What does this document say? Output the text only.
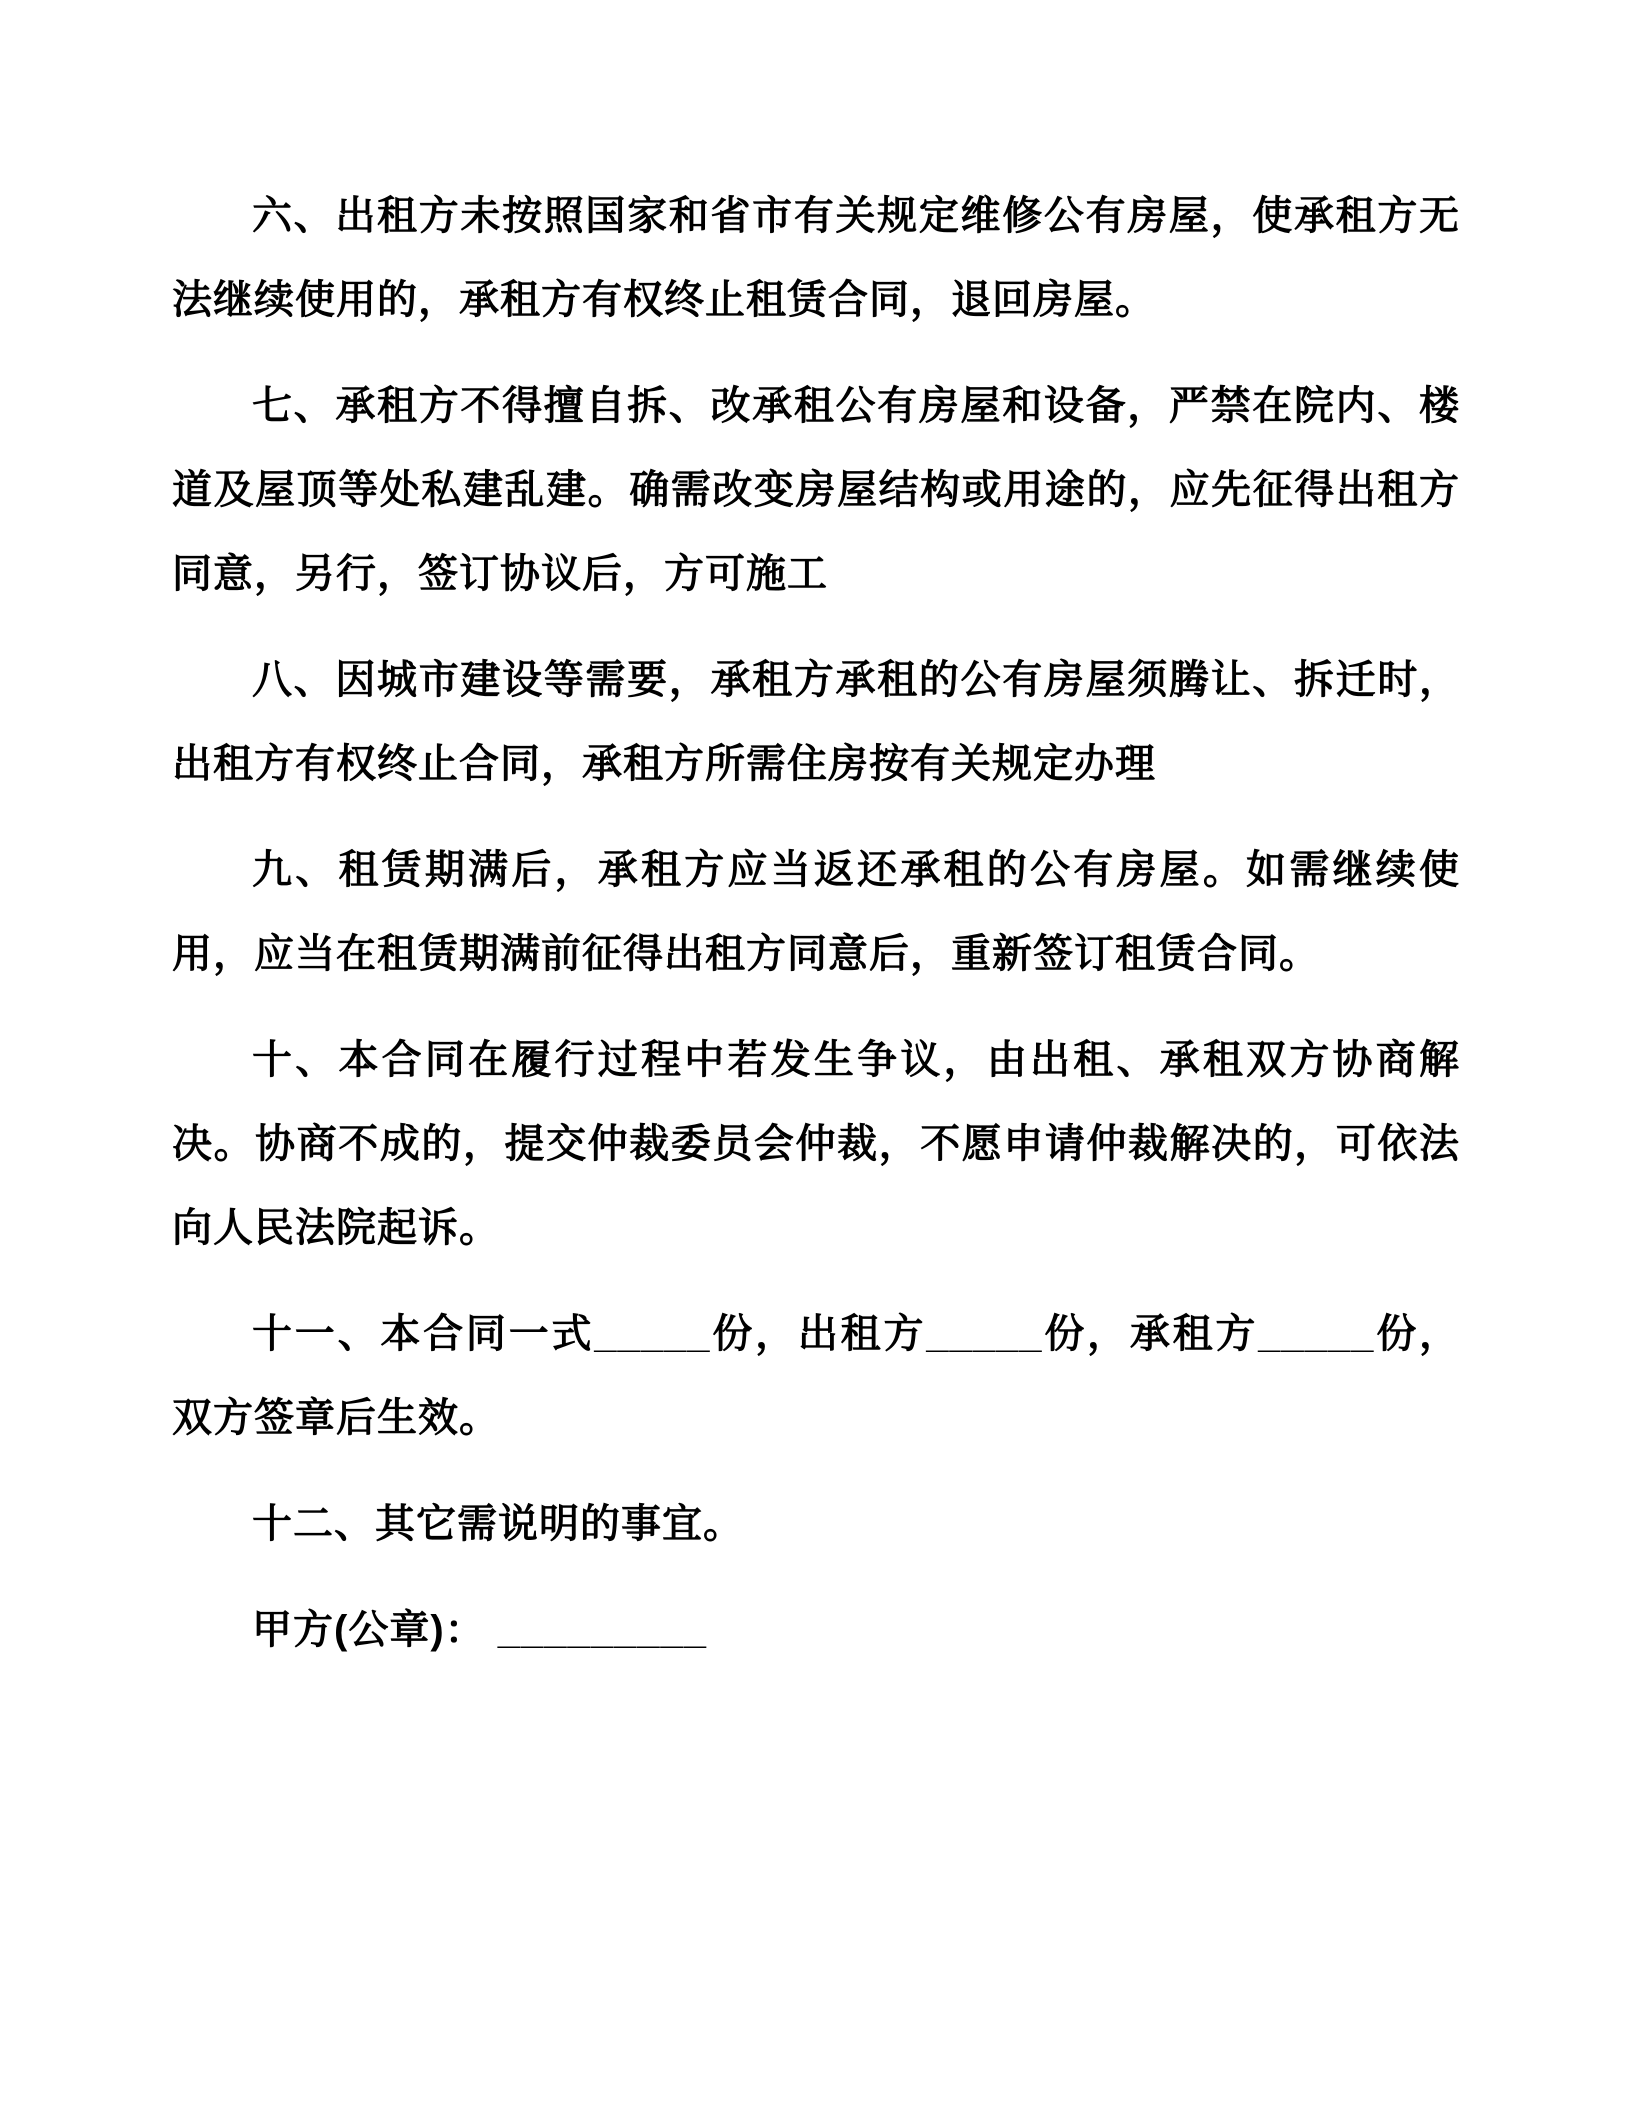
六、出租方未按照国家和省市有关规定维修公有房屋，使承租方无法继续使用的，承租方有权终止租赁合同，退回房屋。

七、承租方不得擅自拆、改承租公有房屋和设备，严禁在院内、楼道及屋顶等处私建乱建。确需改变房屋结构或用途的，应先征得出租方同意，另行，签订协议后，方可施工

八、因城市建设等需要，承租方承租的公有房屋须腾让、拆迁时，出租方有权终止合同，承租方所需住房按有关规定办理

九、租赁期满后，承租方应当返还承租的公有房屋。如需继续使用，应当在租赁期满前征得出租方同意后，重新签订租赁合同。

十、本合同在履行过程中若发生争议，由出租、承租双方协商解决。协商不成的，提交仲裁委员会仲裁，不愿申请仲裁解决的，可依法向人民法院起诉。

十一、本合同一式_____份，出租方_____份，承租方_____份，双方签章后生效。

十二、其它需说明的事宜。

甲方(公章)： _________
